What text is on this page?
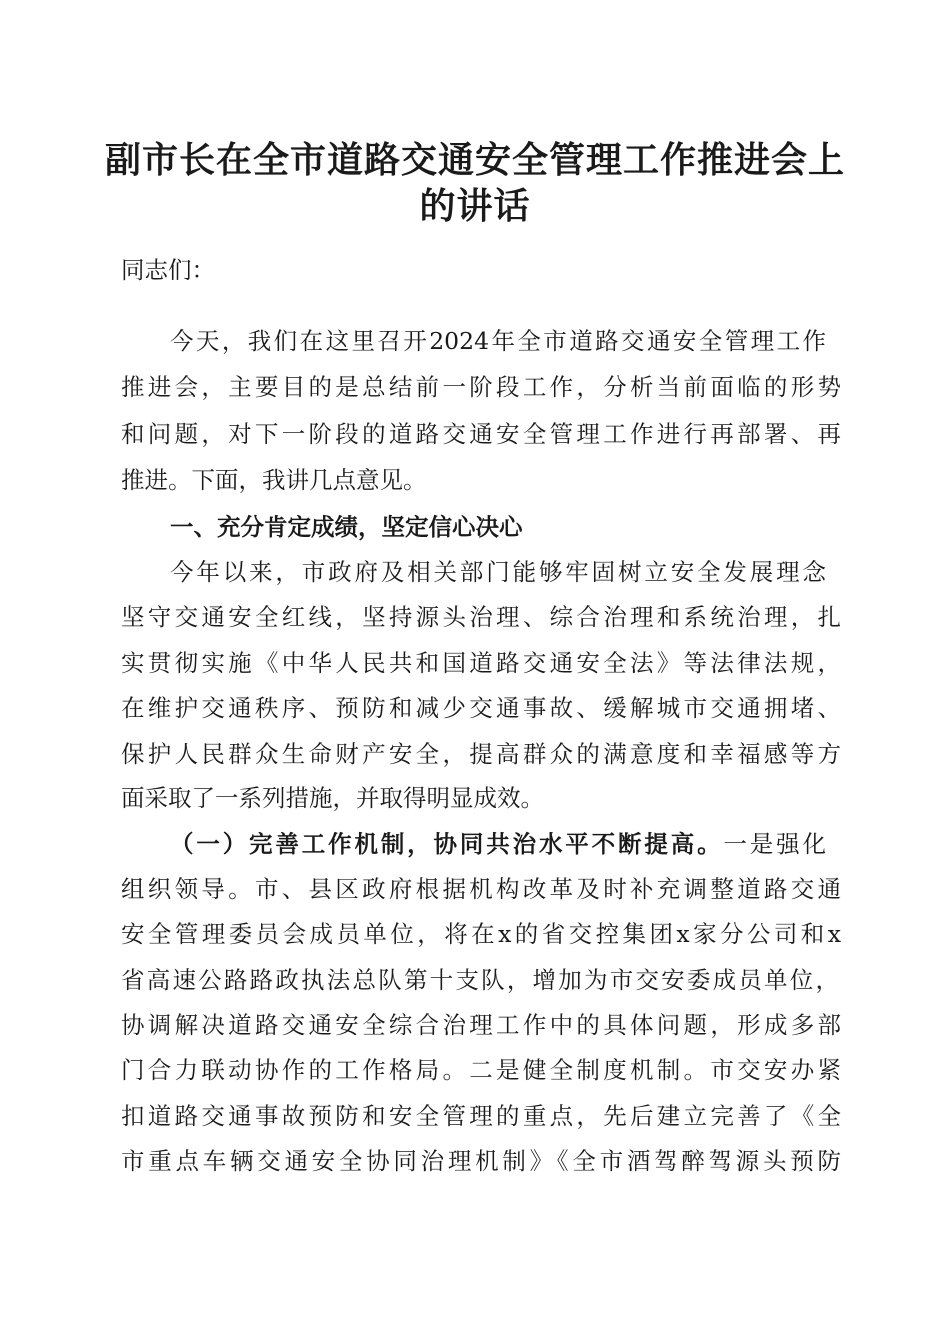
副市长在全市道路交通安全管理工作推进会上
的讲话

同志们：

今天，我们在这里召开2024年全市道路交通安全管理工作

推进会，主要目的是总结前一阶段工作，分析当前面临的形势

和问题，对下一阶段的道路交通安全管理工作进行再部署、再

推进。下面，我讲几点意见。

一、充分肯定成绩，坚定信心决心

今年以来，市政府及相关部门能够牢固树立安全发展理念

坚守交通安全红线，坚持源头治理、综合治理和系统治理，扎

实贯彻实施《中华人民共和国道路交通安全法》等法律法规，

在维护交通秩序、预防和减少交通事故、缓解城市交通拥堵、

保护人民群众生命财产安全，提高群众的满意度和幸福感等方

面采取了一系列措施，并取得明显成效。

（一）完善工作机制，协同共治水平不断提高。一是强化

组织领导。市、县区政府根据机构改革及时补充调整道路交通

安全管理委员会成员单位，将在x的省交控集团x家分公司和x

省高速公路路政执法总队第十支队，增加为市交安委成员单位，

协调解决道路交通安全综合治理工作中的具体问题，形成多部

门合力联动协作的工作格局。二是健全制度机制。市交安办紧

扣道路交通事故预防和安全管理的重点，先后建立完善了《全

市重点车辆交通安全协同治理机制》《全市酒驾醉驾源头预防
